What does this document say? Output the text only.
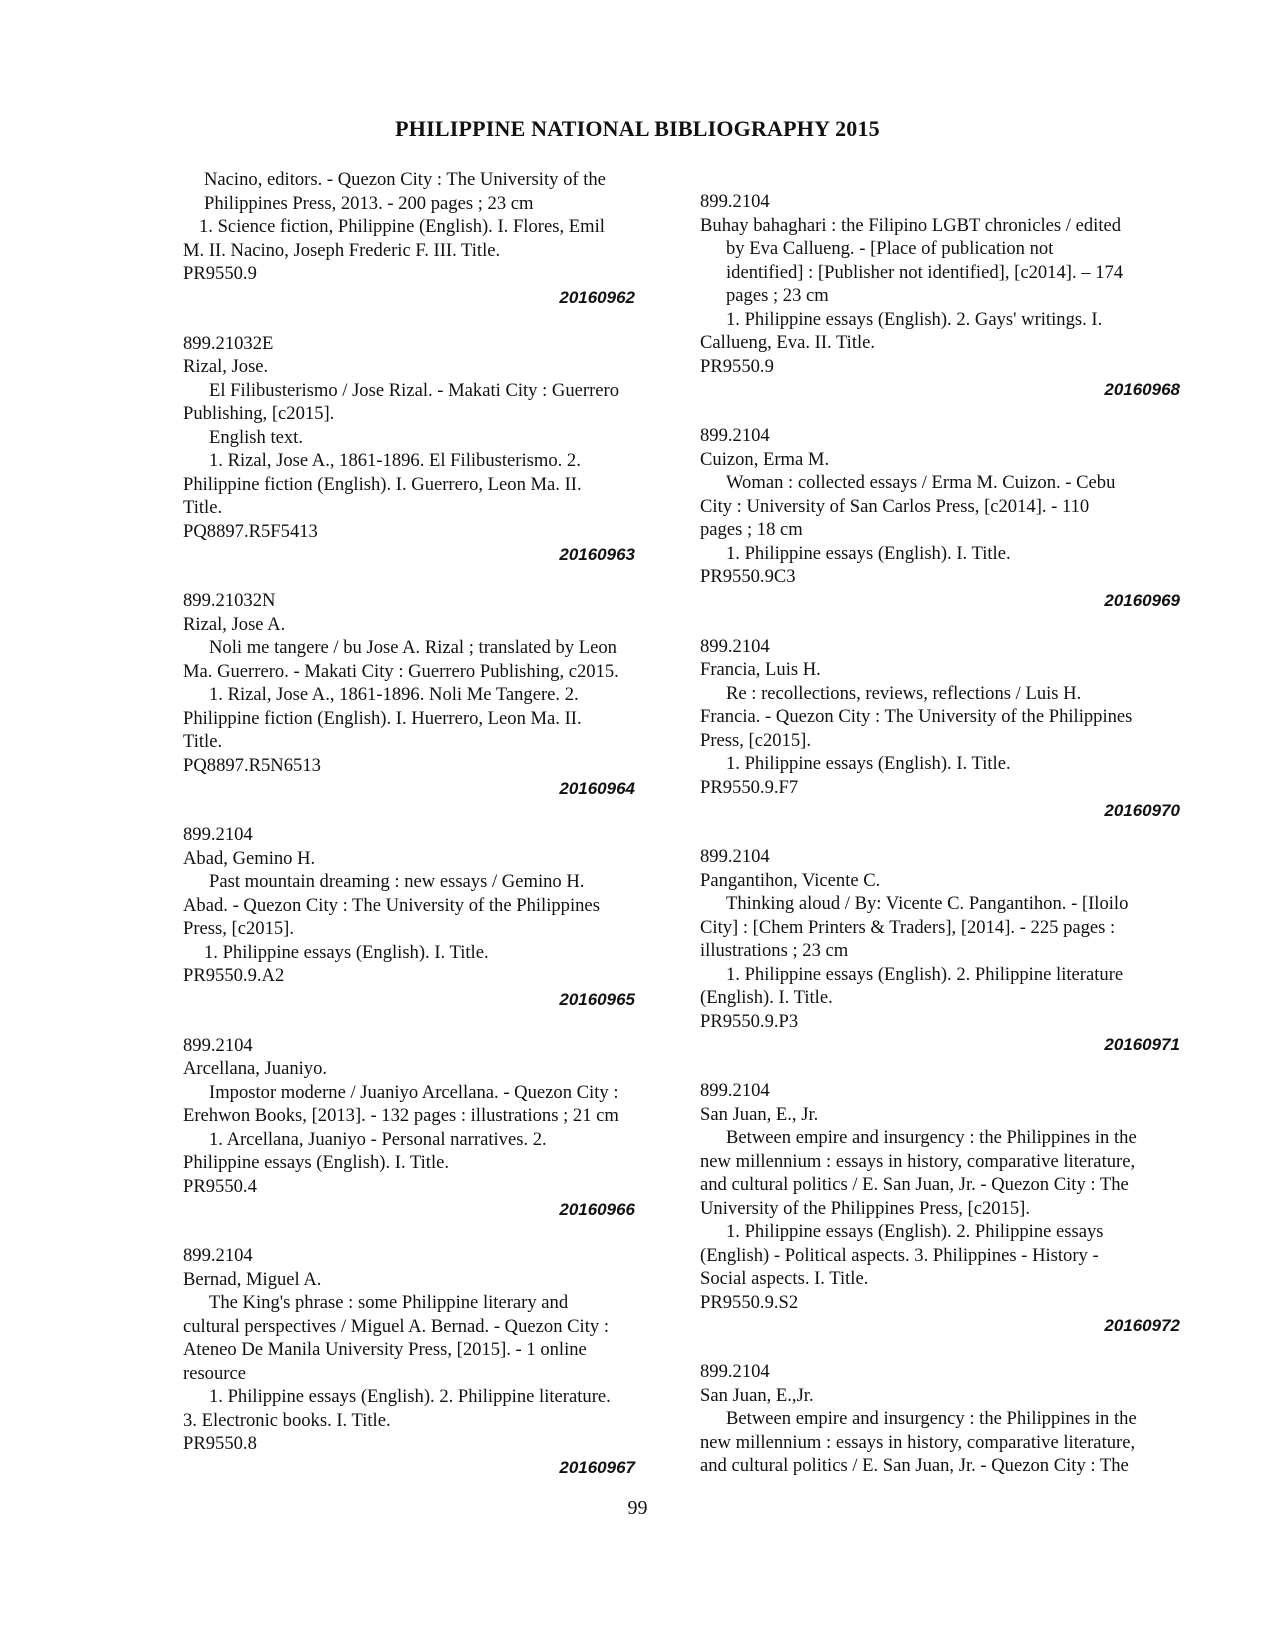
PHILIPPINE NATIONAL BIBLIOGRAPHY 2015
Nacino, editors. - Quezon City : The University of the
Philippines Press, 2013. - 200 pages ; 23 cm
1. Science fiction, Philippine (English). I. Flores, Emil
M. II. Nacino, Joseph Frederic F. III. Title.
PR9550.9
20160962
899.21032E
Rizal, Jose.
El Filibusterismo / Jose Rizal. - Makati City : Guerrero
Publishing, [c2015].
English text.
1. Rizal, Jose A., 1861-1896. El Filibusterismo. 2.
Philippine fiction (English). I. Guerrero, Leon Ma. II.
Title.
PQ8897.R5F5413
20160963
899.21032N
Rizal, Jose A.
Noli me tangere / bu Jose A. Rizal ; translated by Leon
Ma. Guerrero. - Makati City : Guerrero Publishing, c2015.
1. Rizal, Jose A., 1861-1896. Noli Me Tangere. 2.
Philippine fiction (English). I. Huerrero, Leon Ma. II.
Title.
PQ8897.R5N6513
20160964
899.2104
Abad, Gemino H.
Past mountain dreaming : new essays / Gemino H.
Abad. - Quezon City : The University of the Philippines
Press, [c2015].
1. Philippine essays (English). I. Title.
PR9550.9.A2
20160965
899.2104
Arcellana, Juaniyo.
Impostor moderne / Juaniyo Arcellana. - Quezon City :
Erehwon Books, [2013]. - 132 pages : illustrations ; 21 cm
1. Arcellana, Juaniyo - Personal narratives. 2.
Philippine essays (English). I. Title.
PR9550.4
20160966
899.2104
Bernad, Miguel A.
The King's phrase : some Philippine literary and
cultural perspectives / Miguel A. Bernad. - Quezon City :
Ateneo De Manila University Press, [2015]. - 1 online
resource
1. Philippine essays (English). 2. Philippine literature.
3. Electronic books. I. Title.
PR9550.8
20160967
899.2104
Buhay bahaghari : the Filipino LGBT chronicles / edited
by Eva Callueng. - [Place of publication not
identified] : [Publisher not identified], [c2014]. – 174
pages ; 23 cm
1. Philippine essays (English). 2. Gays' writings. I.
Callueng, Eva. II. Title.
PR9550.9
20160968
899.2104
Cuizon, Erma M.
Woman : collected essays / Erma M. Cuizon. - Cebu
City : University of San Carlos Press, [c2014]. - 110
pages ; 18 cm
1. Philippine essays (English). I. Title.
PR9550.9C3
20160969
899.2104
Francia, Luis H.
Re : recollections, reviews, reflections / Luis H.
Francia. - Quezon City : The University of the Philippines
Press, [c2015].
1. Philippine essays (English). I. Title.
PR9550.9.F7
20160970
899.2104
Pangantihon, Vicente C.
Thinking aloud / By: Vicente C. Pangantihon. - [Iloilo
City] : [Chem Printers & Traders], [2014]. - 225 pages :
illustrations ; 23 cm
1. Philippine essays (English). 2. Philippine literature
(English). I. Title.
PR9550.9.P3
20160971
899.2104
San Juan, E., Jr.
Between empire and insurgency : the Philippines in the
new millennium : essays in history, comparative literature,
and cultural politics / E. San Juan, Jr. - Quezon City : The
University of the Philippines Press, [c2015].
1. Philippine essays (English). 2. Philippine essays
(English) - Political aspects. 3. Philippines - History -
Social aspects. I. Title.
PR9550.9.S2
20160972
899.2104
San Juan, E.,Jr.
Between empire and insurgency : the Philippines in the
new millennium : essays in history, comparative literature,
and cultural politics / E. San Juan, Jr. - Quezon City : The
99
